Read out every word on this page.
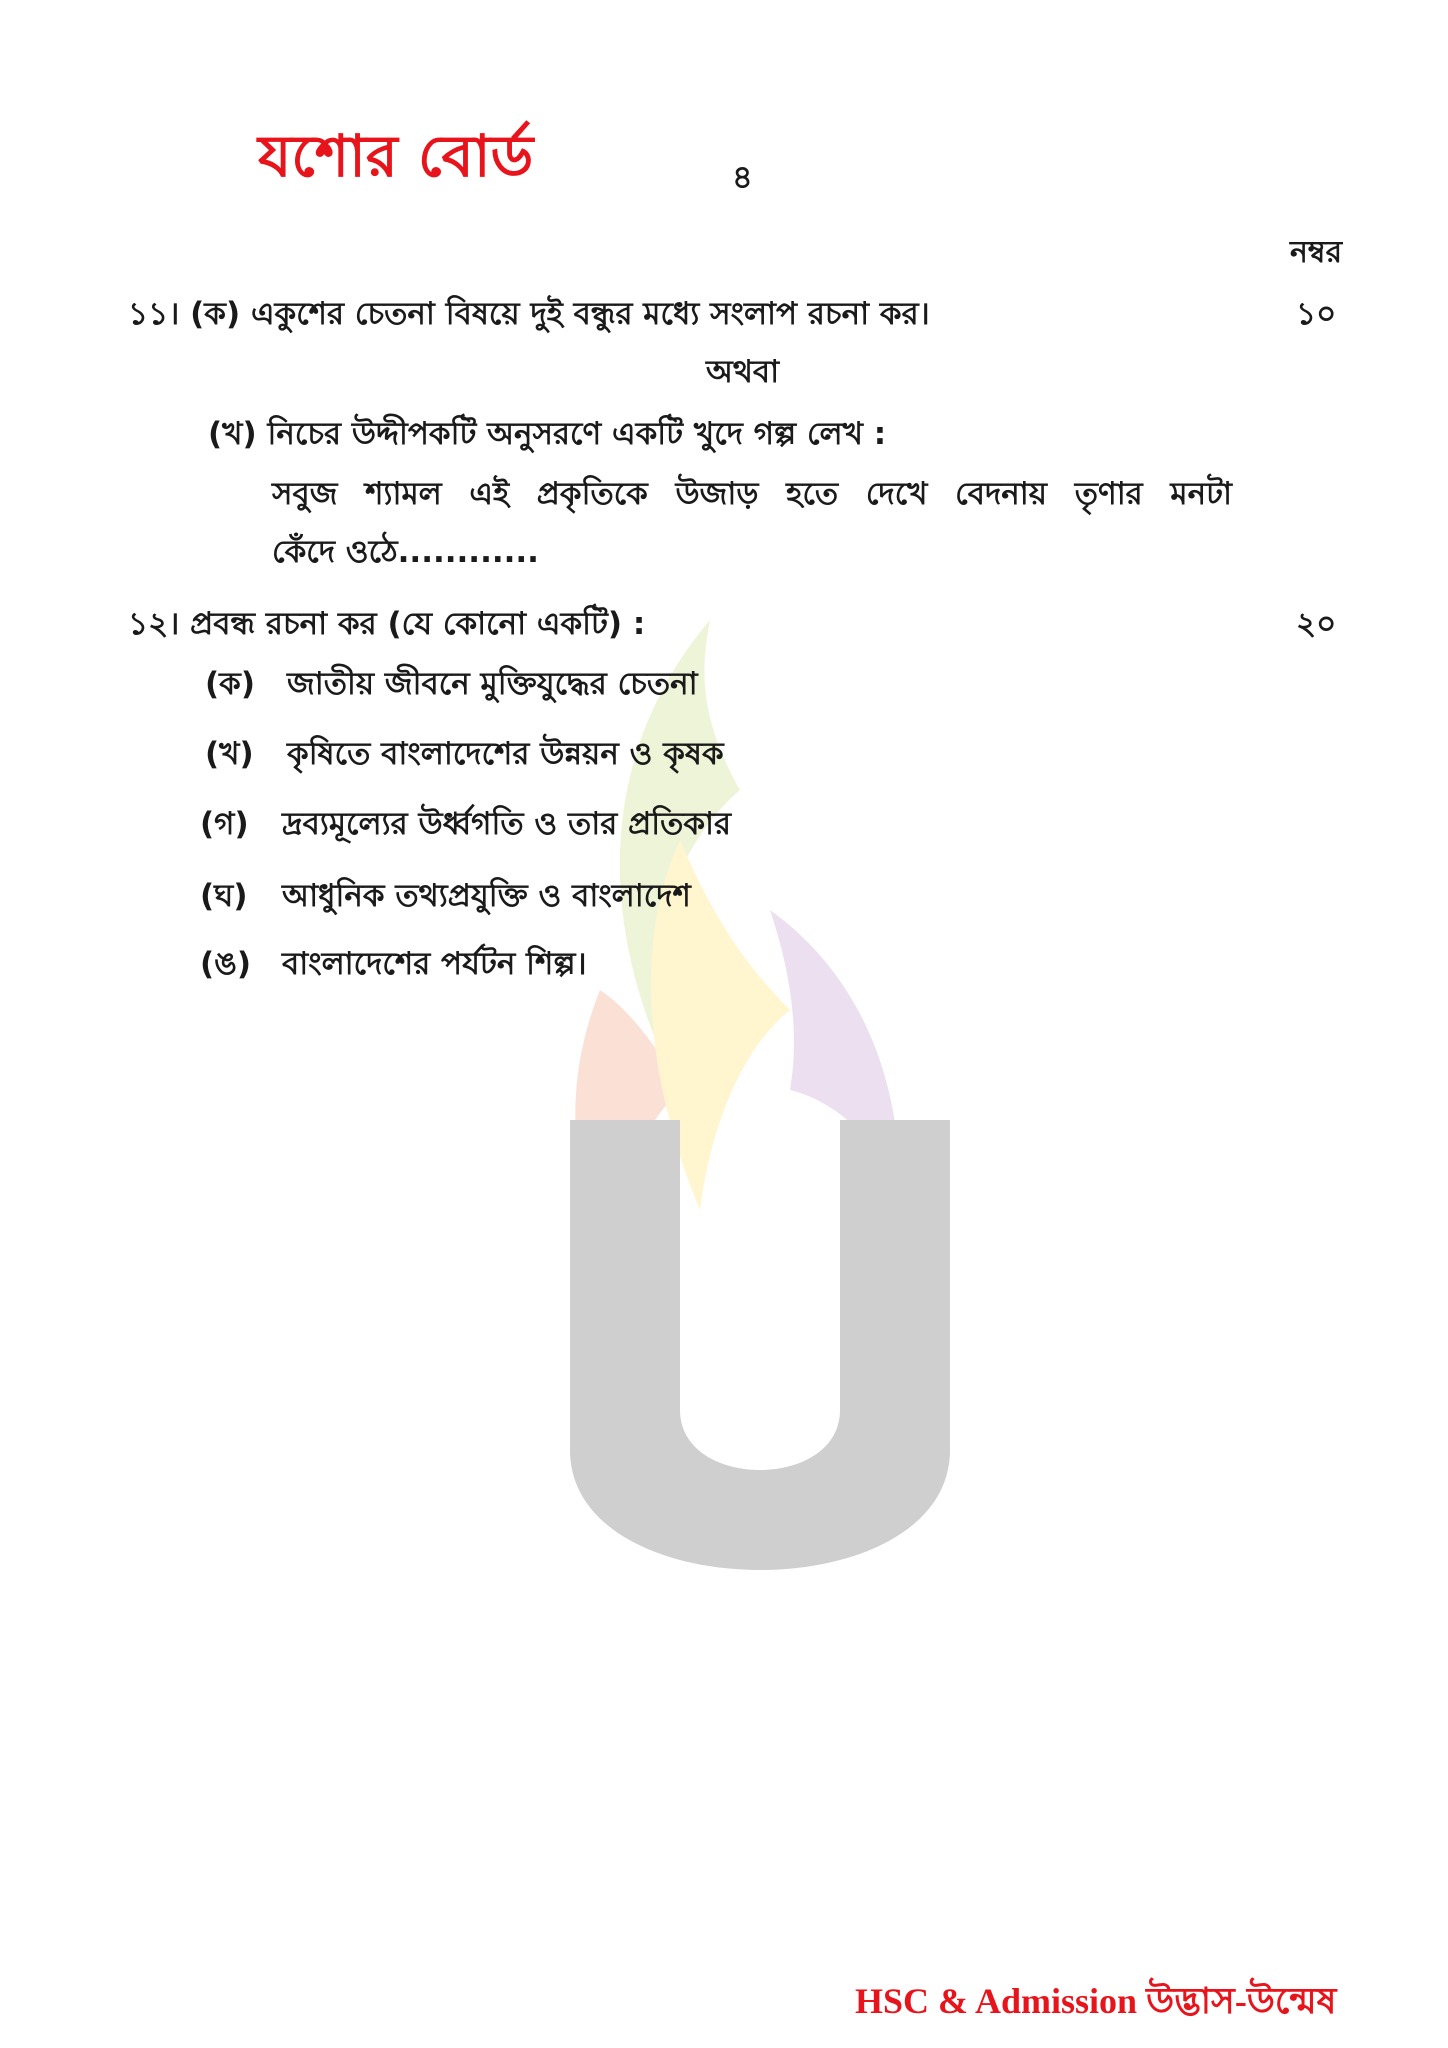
যশোর বোর্ড	৪
নম্বর
১১। (ক) একুশের চেতনা বিষয়ে দুই বন্ধুর মধ্যে সংলাপ রচনা কর।	১০
অথবা
(খ) নিচের উদ্দীপকটি অনুসরণে একটি খুদে গল্প লেখ :
সবুজ শ্যামল এই প্রকৃতিকে উজাড় হতে দেখে বেদনায় তৃণার মনটা
কেঁদে ওঠে............
১২। প্রবন্ধ রচনা কর (যে কোনো একটি) :	২০
(ক) জাতীয় জীবনে মুক্তিযুদ্ধের চেতনা
(খ) কৃষিতে বাংলাদেশের উন্নয়ন ও কৃষক
(গ) দ্রব্যমূল্যের উর্ধ্বগতি ও তার প্রতিকার
(ঘ) আধুনিক তথ্যপ্রযুক্তি ও বাংলাদেশ
(ঙ) বাংলাদেশের পর্যটন শিল্প।
HSC & Admission উদ্ভাস-উন্মেষ
